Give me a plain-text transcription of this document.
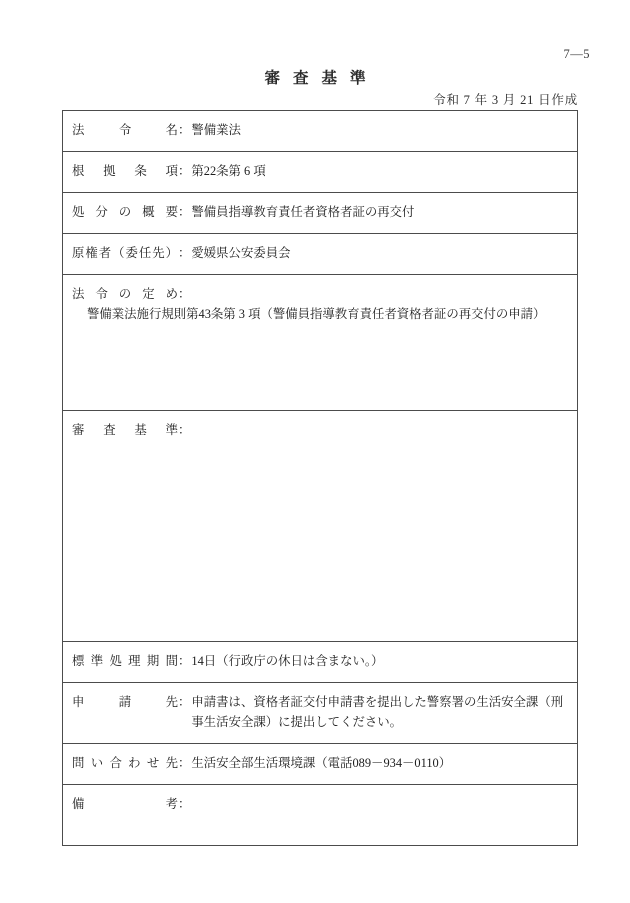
7―5
審査基準
令和 7 年 3 月 21 日作成
法令名 ： 警備業法

根拠条項 ： 第22条第 6 項

処分の概要 ： 警備員指導教育責任者資格者証の再交付

原権者（委任先） ： 愛媛県公安委員会

法令の定め ：
警備業法施行規則第43条第 3 項（警備員指導教育責任者資格者証の再交付の申請）

審査基準 ：

標準処理期間 ： 14日（行政庁の休日は含まない。）

申請先 ： 申請書は、資格者証交付申請書を提出した警察署の生活安全課（刑事生活安全課）に提出してください。

問い合わせ先 ： 生活安全部生活環境課（電話089－934－0110）

備考 ：
